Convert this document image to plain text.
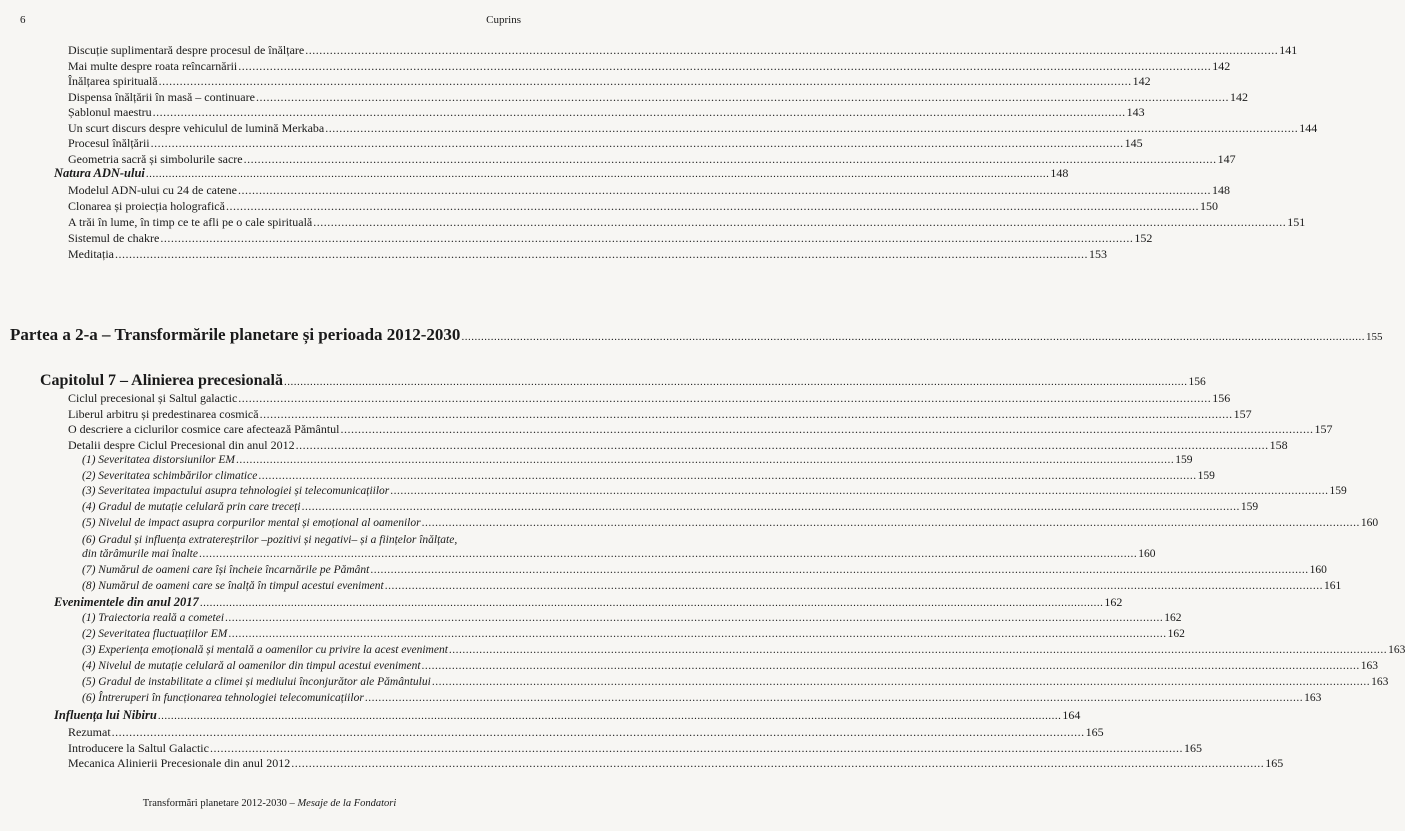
6	Cuprins
Discuție suplimentară despre procesul de înălțare .....	141
Mai multe despre roata reîncarnării .....	142
Înălțarea spirituală .....	142
Dispensa înălțării în masă – continuare .....	142
Șablonul maestru .....	143
Un scurt discurs despre vehiculul de lumină Merkaba .....	144
Procesul înălțării .....	145
Geometria sacră și simbolurile sacre .....	147
Natura ADN-ului .....	148
Modelul ADN-ului cu 24 de catene .....	148
Clonarea și proiecția holografică .....	150
A trăi în lume, în timp ce te afli pe o cale spirituală .....	151
Sistemul de chakre .....	152
Meditația .....	153
Partea a 2-a – Transformările planetare și perioada 2012-2030 .....	155
Capitolul 7 – Alinierea precesională .....	156
Ciclul precesional și Saltul galactic .....	156
Liberul arbitru și predestinarea cosmică .....	157
O descriere a ciclurilor cosmice care afectează Pământul .....	157
Detalii despre Ciclul Precesional din anul 2012 .....	158
(1) Severitatea distorsiunilor EM .....	159
(2) Severitatea schimbărilor climatice .....	159
(3) Severitatea impactului asupra tehnologiei și telecomunicațiilor .....	159
(4) Gradul de mutație celulară prin care treceți .....	159
(5) Nivelul de impact asupra corpurilor mental și emoțional al oamenilor .....	160
(6) Gradul și influența extratereștrilor –pozitivi și negativi– și a ființelor înălțate,
din tărâmurile mai înalte .....	160
(7) Numărul de oameni care își încheie încarnările pe Pământ .....	160
(8) Numărul de oameni care se înalță în timpul acestui eveniment .....	161
Evenimentele din anul 2017 .....	162
(1) Traiectoria reală a cometei .....	162
(2) Severitatea fluctuațiilor EM .....	162
(3) Experiența emoțională și mentală a oamenilor cu privire la acest eveniment .....	163
(4) Nivelul de mutație celulară al oamenilor din timpul acestui eveniment .....	163
(5) Gradul de instabilitate a climei și mediului înconjurător ale Pământului .....	163
(6) Întreruperi în funcționarea tehnologiei telecomunicațiilor .....	163
Influența lui Nibiru .....	164
Rezumat .....	165
Introducere la Saltul Galactic .....	165
Mecanica Alinierii Precesionale din anul 2012 .....	165
Transformări planetare 2012-2030 – Mesaje de la Fondatori
